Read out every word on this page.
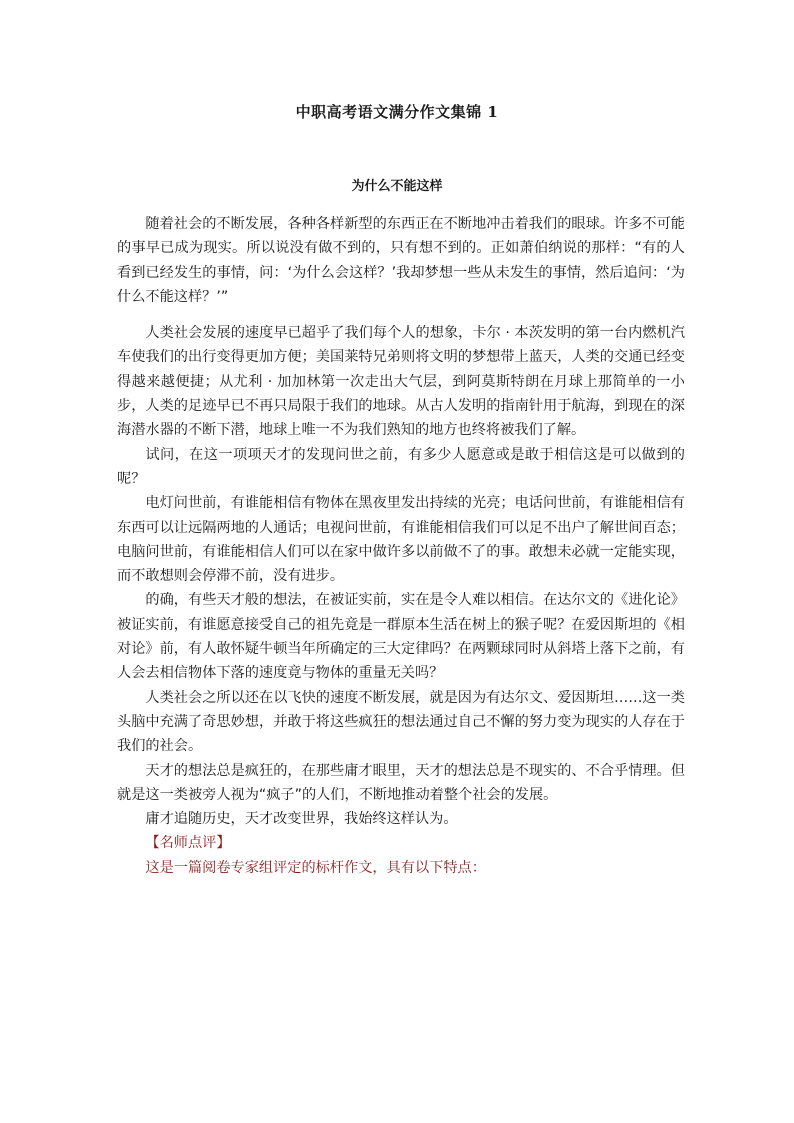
中职高考语文满分作文集锦 1
为什么不能这样

随着社会的不断发展，各种各样新型的东西正在不断地冲击着我们的眼球。许多不可能的事早已成为现实。所以说没有做不到的，只有想不到的。正如萧伯纳说的那样：“有的人看到已经发生的事情，问：‘为什么会这样？’我却梦想一些从未发生的事情，然后追问：‘为什么不能这样？’”

人类社会发展的速度早已超乎了我们每个人的想象，卡尔 · 本茨发明的第一台内燃机汽车使我们的出行变得更加方便；美国莱特兄弟则将文明的梦想带上蓝天，人类的交通已经变得越来越便捷；从尤利 · 加加林第一次走出大气层，到阿莫斯特朗在月球上那简单的一小步，人类的足迹早已不再只局限于我们的地球。从古人发明的指南针用于航海，到现在的深海潜水器的不断下潜，地球上唯一不为我们熟知的地方也终将被我们了解。

试问，在这一项项天才的发现问世之前，有多少人愿意或是敢于相信这是可以做到的呢？

电灯问世前，有谁能相信有物体在黑夜里发出持续的光亮；电话问世前，有谁能相信有东西可以让远隔两地的人通话；电视问世前，有谁能相信我们可以足不出户了解世间百态；电脑问世前，有谁能相信人们可以在家中做许多以前做不了的事。敢想未必就一定能实现，而不敢想则会停滞不前，没有进步。

的确，有些天才般的想法，在被证实前，实在是令人难以相信。在达尔文的《进化论》被证实前，有谁愿意接受自己的祖先竟是一群原本生活在树上的猴子呢？在爱因斯坦的《相对论》前，有人敢怀疑牛顿当年所确定的三大定律吗？在两颗球同时从斜塔上落下之前，有人会去相信物体下落的速度竟与物体的重量无关吗？

人类社会之所以还在以飞快的速度不断发展，就是因为有达尔文、爱因斯坦……这一类头脑中充满了奇思妙想，并敢于将这些疯狂的想法通过自己不懈的努力变为现实的人存在于我们的社会。

天才的想法总是疯狂的，在那些庸才眼里，天才的想法总是不现实的、不合乎情理。但就是这一类被旁人视为“疯子”的人们，不断地推动着整个社会的发展。

庸才追随历史，天才改变世界，我始终这样认为。

【名师点评】

这是一篇阅卷专家组评定的标杆作文，具有以下特点：
